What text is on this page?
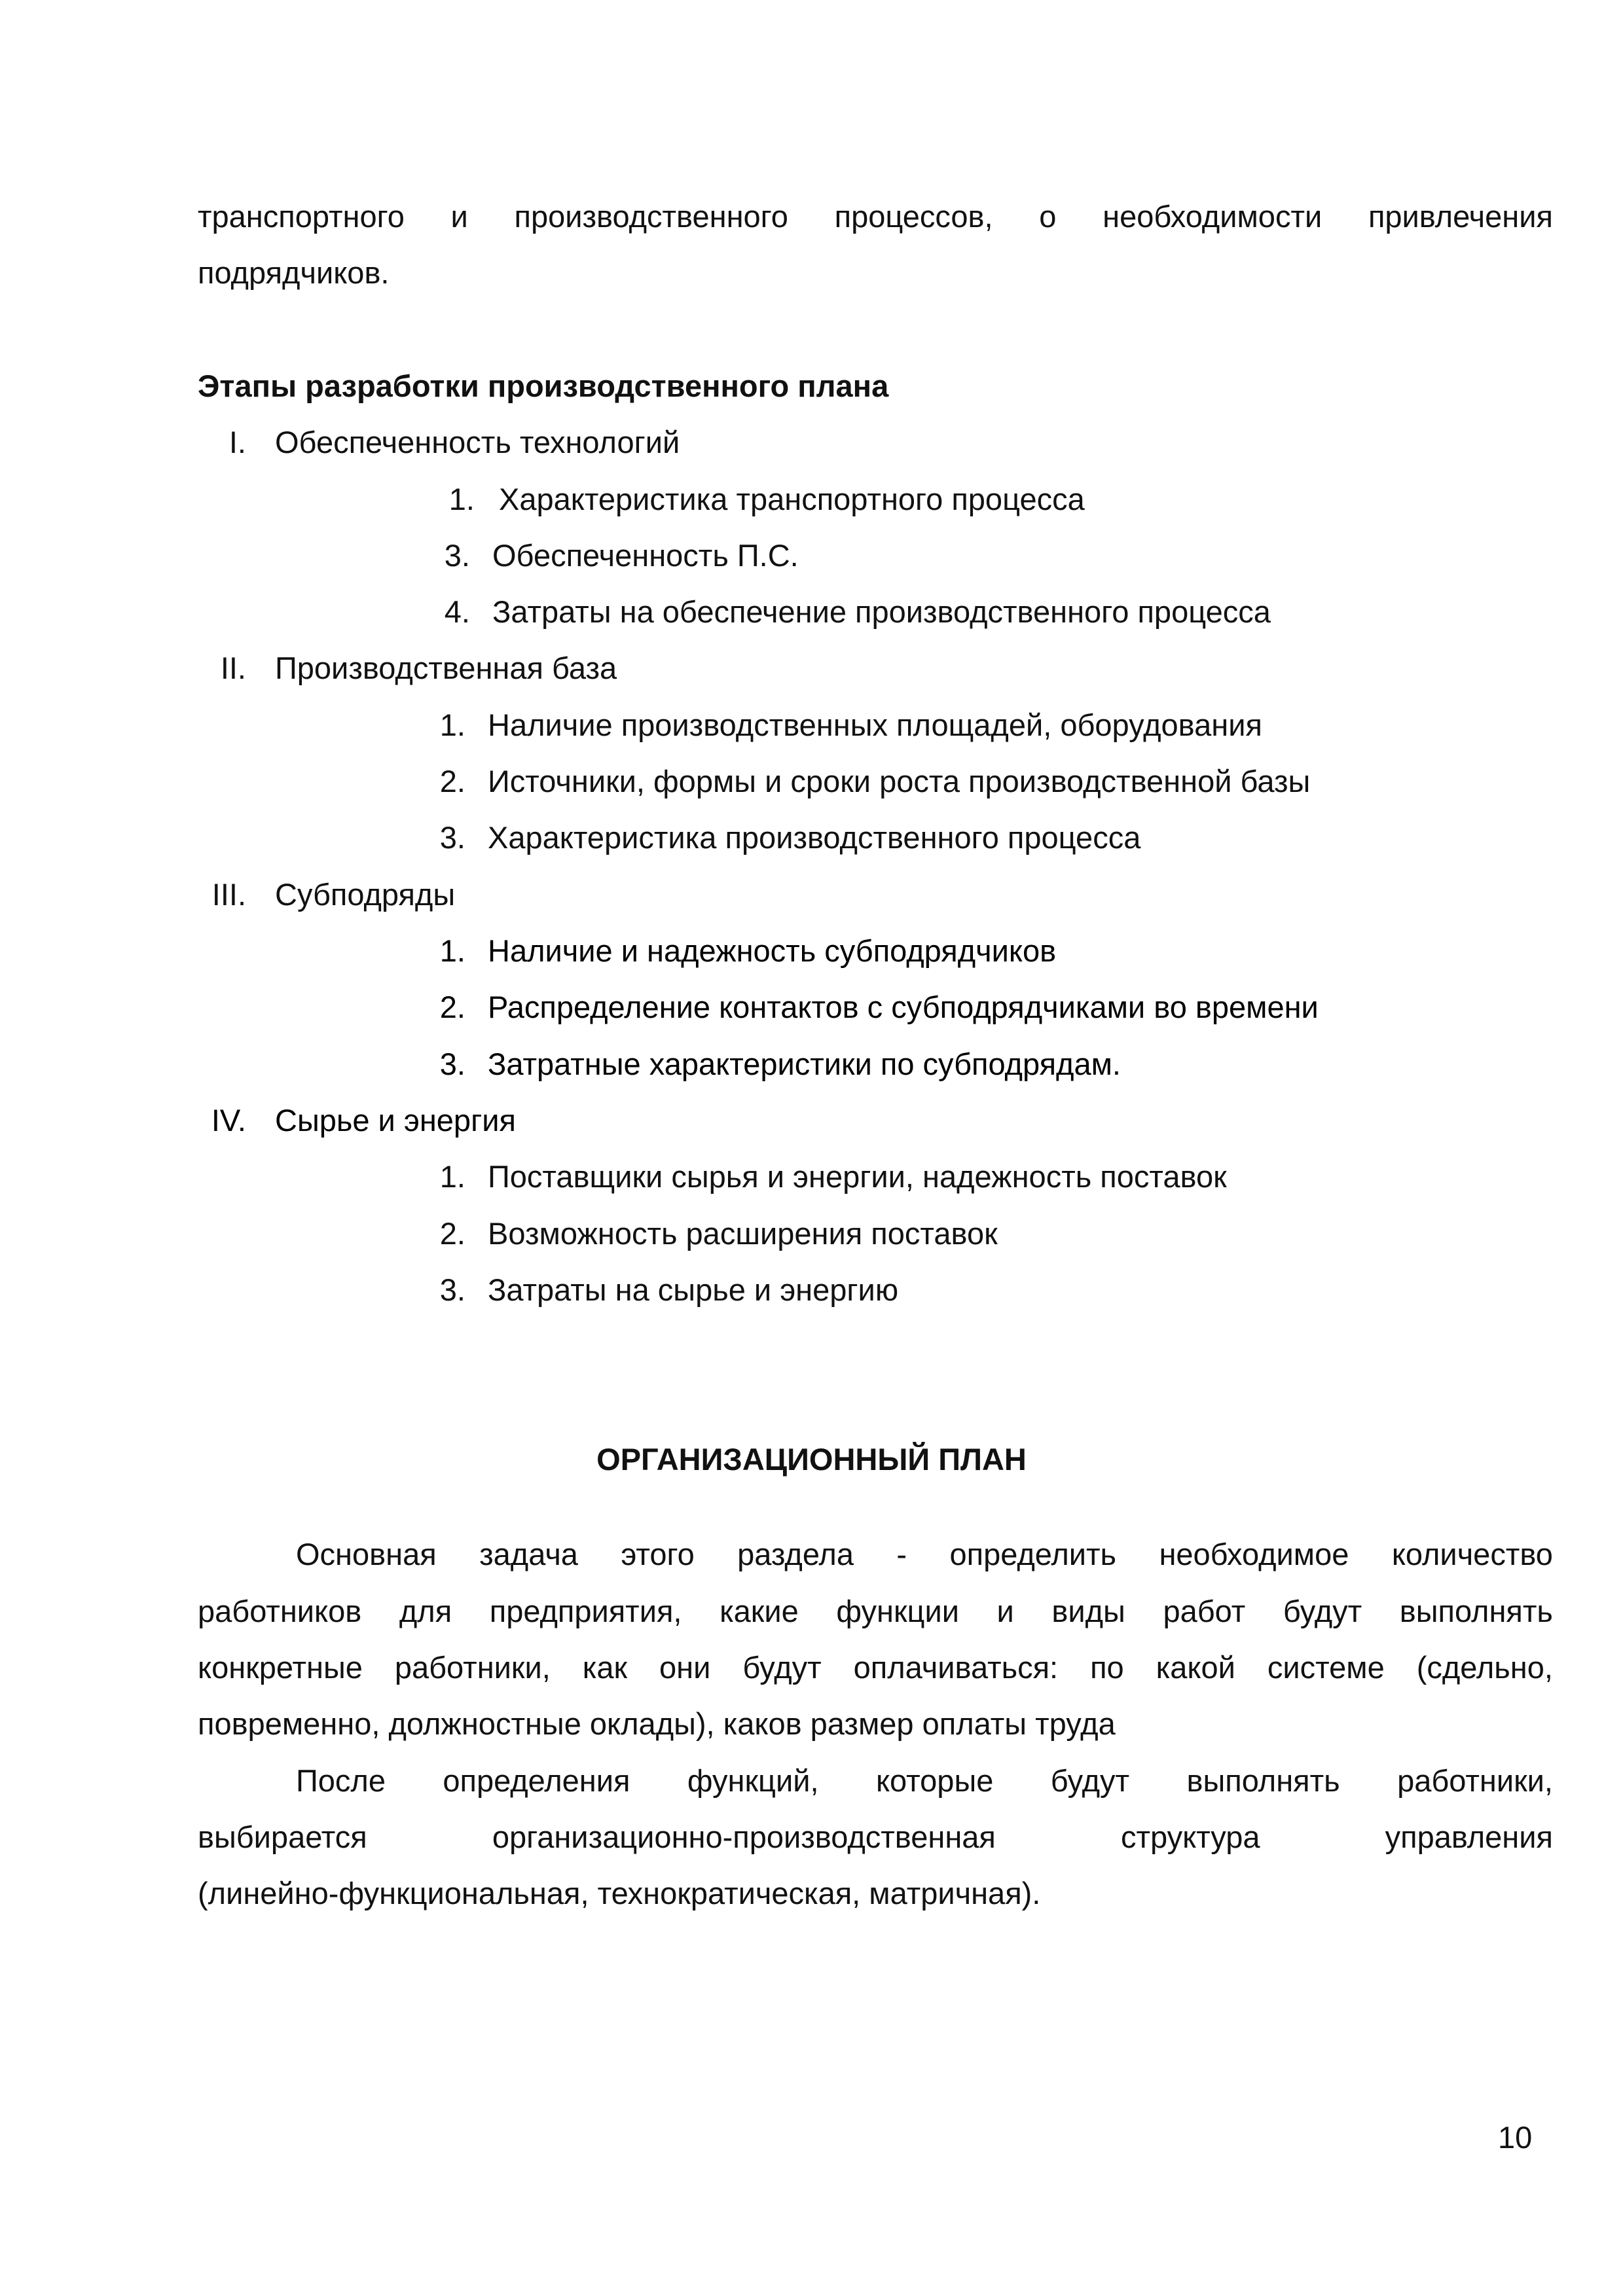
транспортного и производственного процессов, о необходимости привлечения
подрядчиков.
Этапы разработки производственного плана
I. Обеспеченность технологий
1. Характеристика транспортного процесса
3. Обеспеченность П.С.
4. Затраты на обеспечение производственного процесса
II. Производственная база
1. Наличие производственных площадей, оборудования
2. Источники, формы и сроки роста производственной базы
3. Характеристика производственного процесса
III. Субподряды
1. Наличие и надежность субподрядчиков
2. Распределение контактов с субподрядчиками во времени
3. Затратные характеристики по субподрядам.
IV. Сырье и энергия
1. Поставщики сырья и энергии, надежность поставок
2. Возможность расширения поставок
3. Затраты на сырье и энергию
ОРГАНИЗАЦИОННЫЙ ПЛАН
Основная задача этого раздела - определить необходимое количество
работников для предприятия, какие функции и виды работ будут выполнять
конкретные работники, как они будут оплачиваться: по какой системе (сдельно,
повременно, должностные оклады), каков размер оплаты труда
После определения функций, которые будут выполнять работники,
выбирается	организационно-производственная	структура	управления
(линейно-функциональная, технократическая, матричная).
10
